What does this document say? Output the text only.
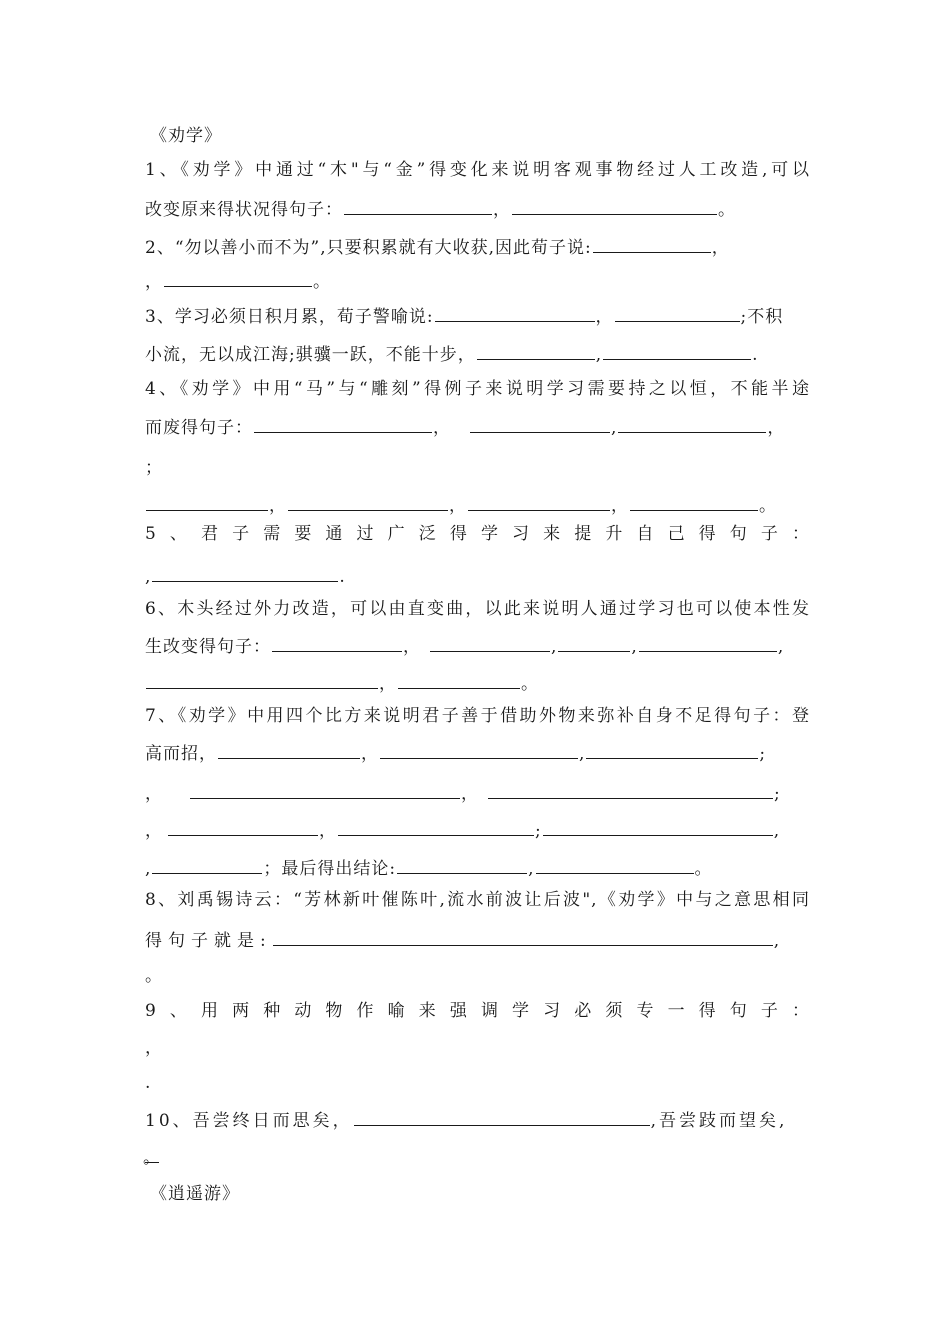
《劝学》
1、《劝学》中通过“木"与“金”得变化来说明客观事物经过人工改造,可以
改变原来得状况得句子：	，	。
2、“勿以善小而不为”,只要积累就有大收获,因此荀子说:	，
，	。
3、学习必须日积月累，荀子警喻说:	，	;不积
小流，无以成江海;骐骥一跃，不能十步，	,	.
4、《劝学》中用“马”与“雕刻”得例子来说明学习需要持之以恒，不能半途
而废得句子：	，	,	，
；
，	，	，	。
5、君子需要通过广泛得学习来提升自己得句子：
,	.
6、木头经过外力改造，可以由直变曲，以此来说明人通过学习也可以使本性发
生改变得句子：	，	,	,	,
，	。
7、《劝学》中用四个比方来说明君子善于借助外物来弥补自身不足得句子：登
高而招，	，	,	;
，	，	;
，	，	;	,
,	；最后得出结论:	,	。
8、刘禹锡诗云：“芳林新叶催陈叶,流水前波让后波",《劝学》中与之意思相同
得句子就是:	,
。
9、用两种动物作喻来强调学习必须专一得句子：
，
.
10、吾尝终日而思矣，	,吾尝跂而望矣,
。
《逍遥游》
